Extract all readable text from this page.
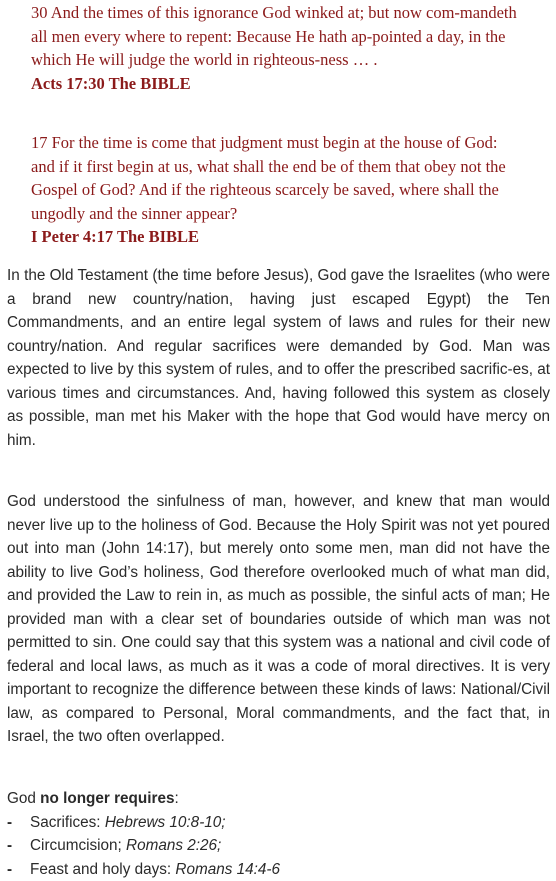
30 And the times of this ignorance God winked at; but now com-mandeth all men every where to repent: Because He hath ap-pointed a day, in the which He will judge the world in righteous-ness … .
Acts 17:30 The BIBLE
17 For the time is come that judgment must begin at the house of God: and if it first begin at us, what shall the end be of them that obey not the Gospel of God? And if the righteous scarcely be saved, where shall the ungodly and the sinner appear?
I Peter 4:17 The BIBLE

In the Old Testament (the time before Jesus), God gave the Israelites (who were a brand new country/nation, having just escaped Egypt) the Ten Commandments, and an entire legal system of laws and rules for their new country/nation. And regular sacrifices were demanded by God. Man was expected to live by this system of rules, and to offer the prescribed sacrific-es, at various times and circumstances. And, having followed this system as closely as possible, man met his Maker with the hope that God would have mercy on him.

God understood the sinfulness of man, however, and knew that man would never live up to the holiness of God. Because the Holy Spirit was not yet poured out into man (John 14:17), but merely onto some men, man did not have the ability to live God’s holiness, God therefore overlooked much of what man did, and provided the Law to rein in, as much as possible, the sinful acts of man; He provided man with a clear set of boundaries outside of which man was not permitted to sin. One could say that this system was a national and civil code of federal and local laws, as much as it was a code of moral directives. It is very important to recognize the difference between these kinds of laws: National/Civil law, as compared to Personal, Moral commandments, and the fact that, in Israel, the two often overlapped.

God no longer requires:
- Sacrifices: Hebrews 10:8-10;
- Circumcision; Romans 2:26;
- Feast and holy days: Romans 14:4-6
